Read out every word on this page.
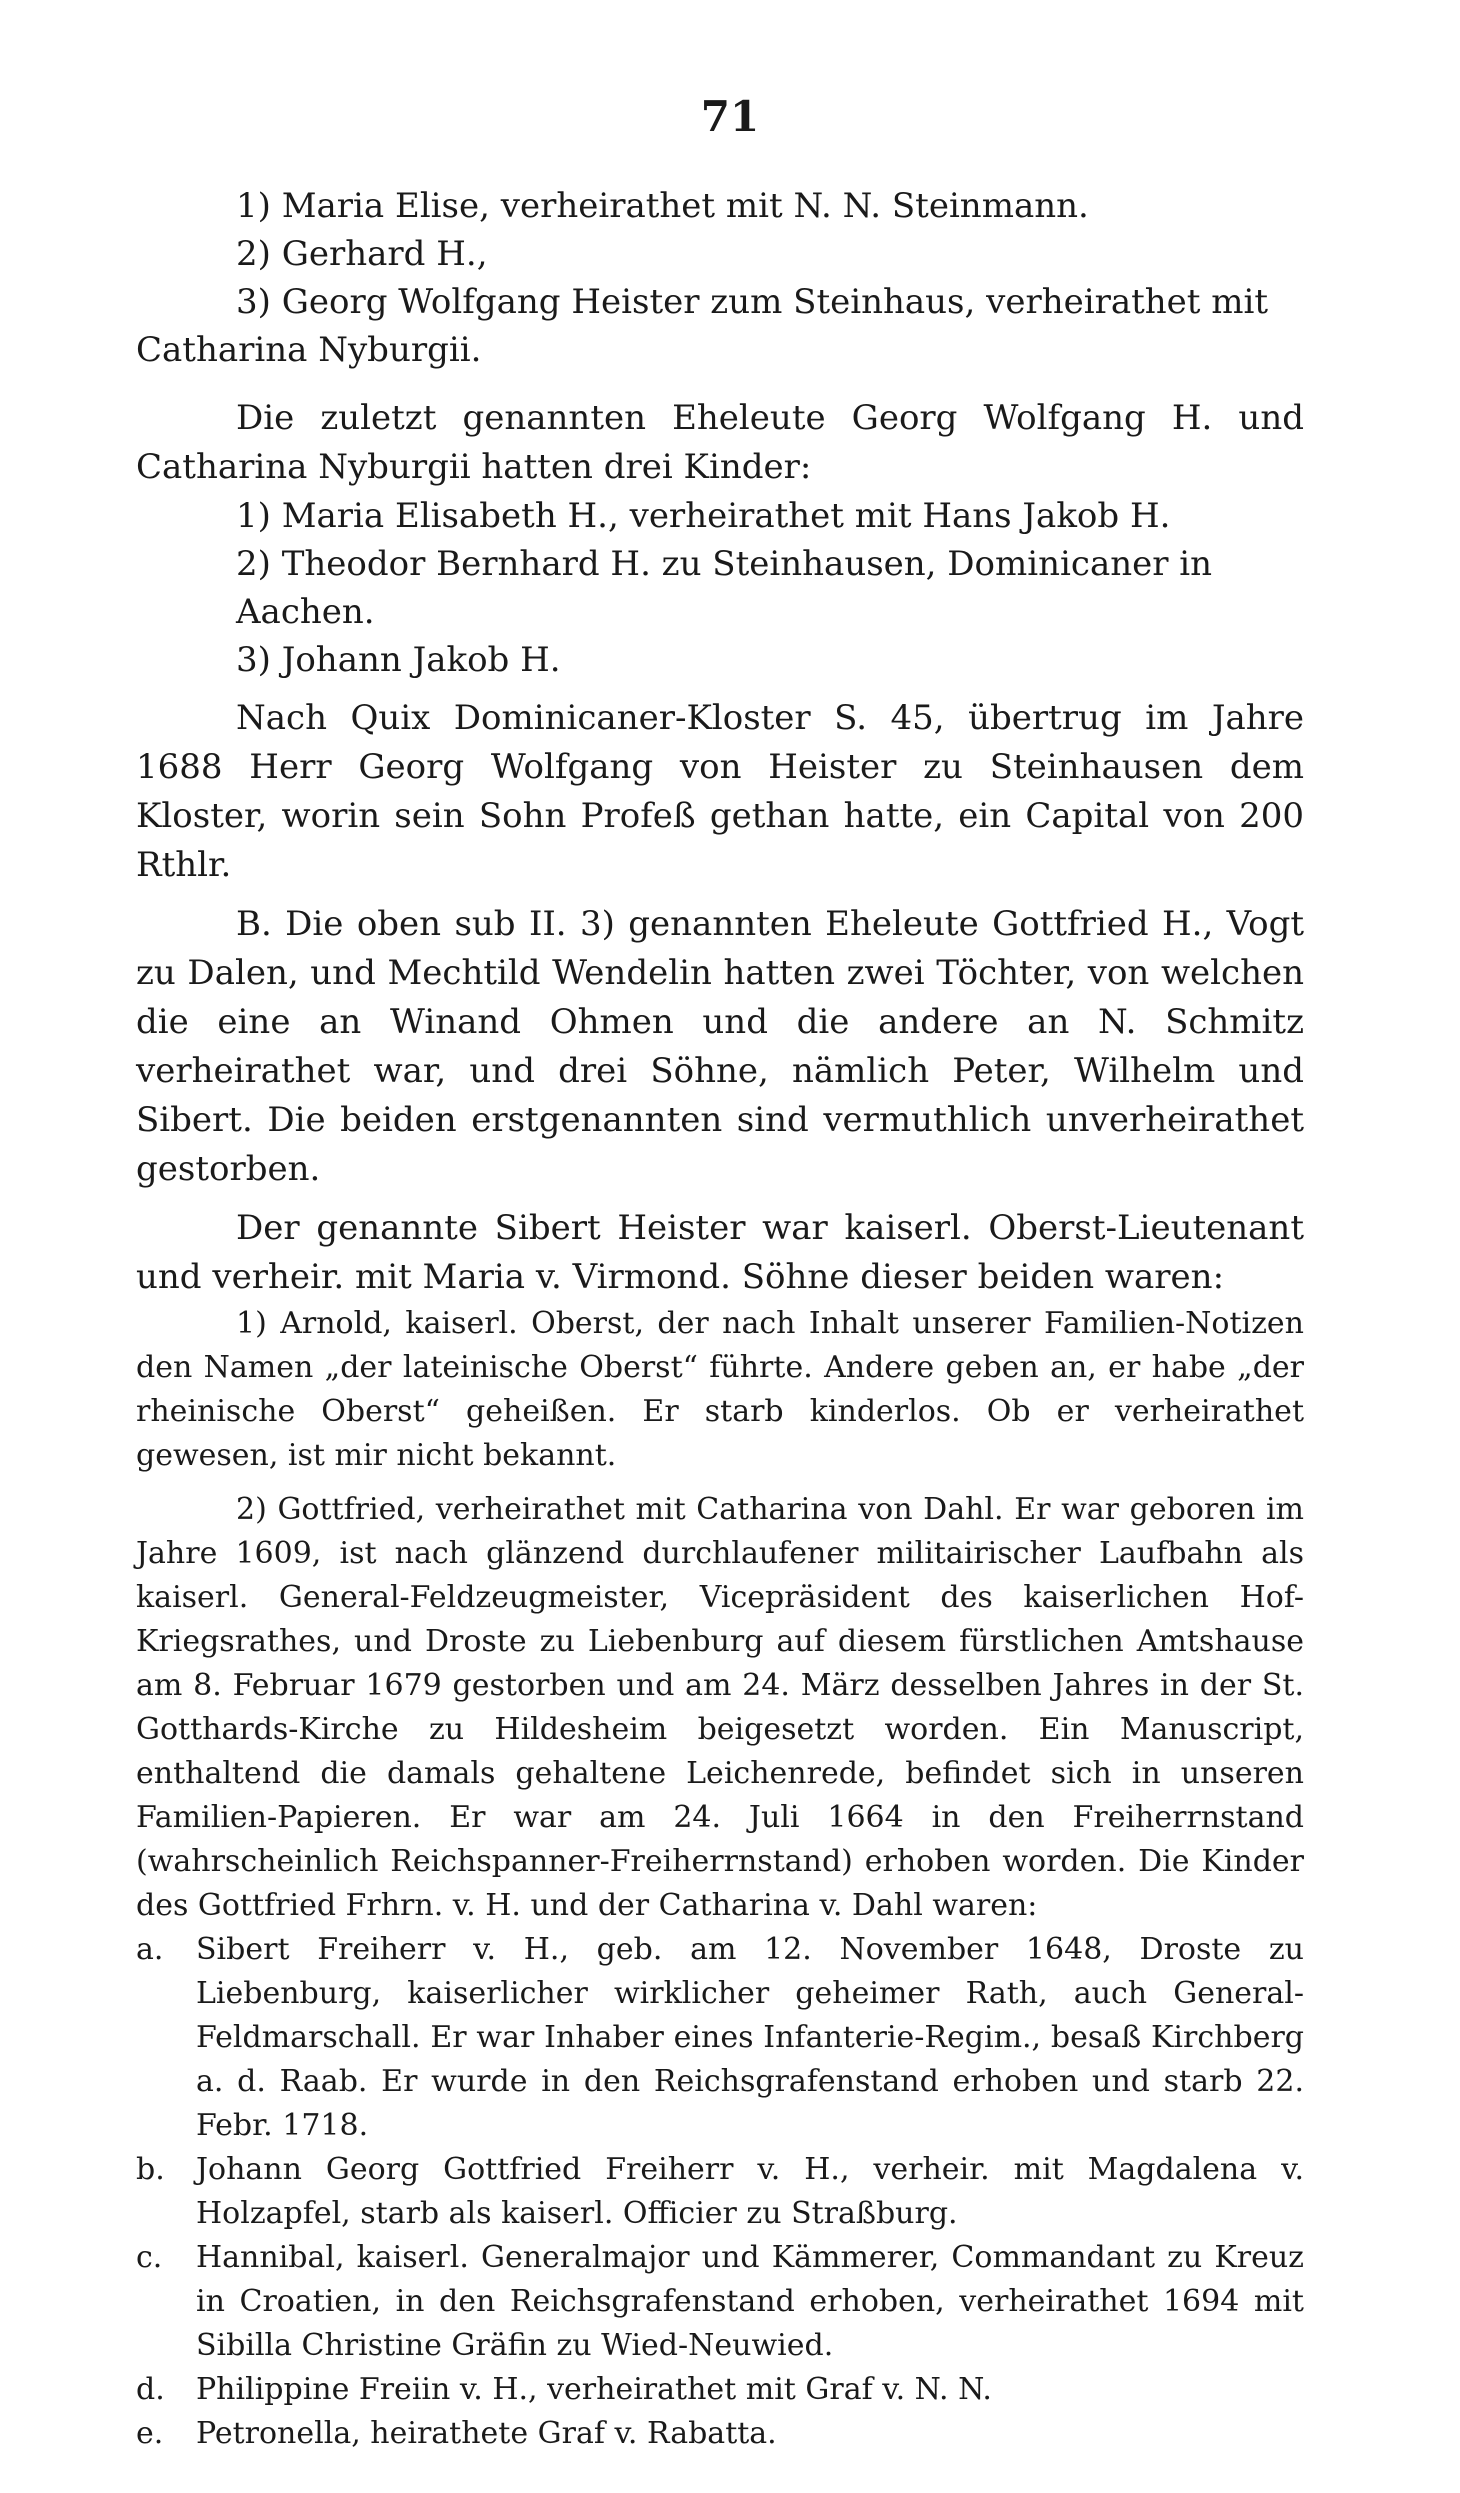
71

1) Maria Elise, verheirathet mit N. N. Steinmann.

2) Gerhard H.,

3) Georg Wolfgang Heister zum Steinhaus, verheirathet mit

Catharina Nyburgii.

Die zuletzt genannten Eheleute Georg Wolfgang H. und Catharina Nyburgii hatten drei Kinder:

1) Maria Elisabeth H., verheirathet mit Hans Jakob H.

2) Theodor Bernhard H. zu Steinhausen, Dominicaner in Aachen.

3) Johann Jakob H.

Nach Quix Dominicaner-Kloster S. 45, übertrug im Jahre 1688 Herr Georg Wolfgang von Heister zu Steinhausen dem Kloster, worin sein Sohn Profeß gethan hatte, ein Capital von 200 Rthlr.

B. Die oben sub II. 3) genannten Eheleute Gottfried H., Vogt zu Dalen, und Mechtild Wendelin hatten zwei Töchter, von welchen die eine an Winand Ohmen und die andere an N. Schmitz verheirathet war, und drei Söhne, nämlich Peter, Wilhelm und Sibert. Die beiden erstgenannten sind vermuthlich unverheirathet gestorben.

Der genannte Sibert Heister war kaiserl. Oberst-Lieutenant und verheir. mit Maria v. Virmond. Söhne dieser beiden waren:

1) Arnold, kaiserl. Oberst, der nach Inhalt unserer Familien-Notizen den Namen „der lateinische Oberst“ führte. Andere geben an, er habe „der rheinische Oberst“ geheißen. Er starb kinderlos. Ob er verheirathet gewesen, ist mir nicht bekannt.

2) Gottfried, verheirathet mit Catharina von Dahl. Er war geboren im Jahre 1609, ist nach glänzend durchlaufener militairischer Laufbahn als kaiserl. General-Feldzeugmeister, Vicepräsident des kaiserlichen Hof-Kriegsrathes, und Droste zu Liebenburg auf diesem fürstlichen Amtshause am 8. Februar 1679 gestorben und am 24. März desselben Jahres in der St. Gotthards-Kirche zu Hildesheim beigesetzt worden. Ein Manuscript, enthaltend die damals gehaltene Leichenrede, befindet sich in unseren Familien-Papieren. Er war am 24. Juli 1664 in den Freiherrnstand (wahrscheinlich Reichspanner-Freiherrnstand) erhoben worden. Die Kinder des Gottfried Frhrn. v. H. und der Catharina v. Dahl waren:

a.	Sibert Freiherr v. H., geb. am 12. November 1648, Droste zu Liebenburg, kaiserlicher wirklicher geheimer Rath, auch General-Feldmarschall. Er war Inhaber eines Infanterie-Regim., besaß Kirchberg a. d. Raab. Er wurde in den Reichsgrafenstand erhoben und starb 22. Febr. 1718.
b.	Johann Georg Gottfried Freiherr v. H., verheir. mit Magdalena v. Holzapfel, starb als kaiserl. Officier zu Straßburg.
c.	Hannibal, kaiserl. Generalmajor und Kämmerer, Commandant zu Kreuz in Croatien, in den Reichsgrafenstand erhoben, verheirathet 1694 mit Sibilla Christine Gräfin zu Wied-Neuwied.
d.	Philippine Freiin v. H., verheirathet mit Graf v. N. N.
e.	Petronella, heirathete Graf v. Rabatta.
